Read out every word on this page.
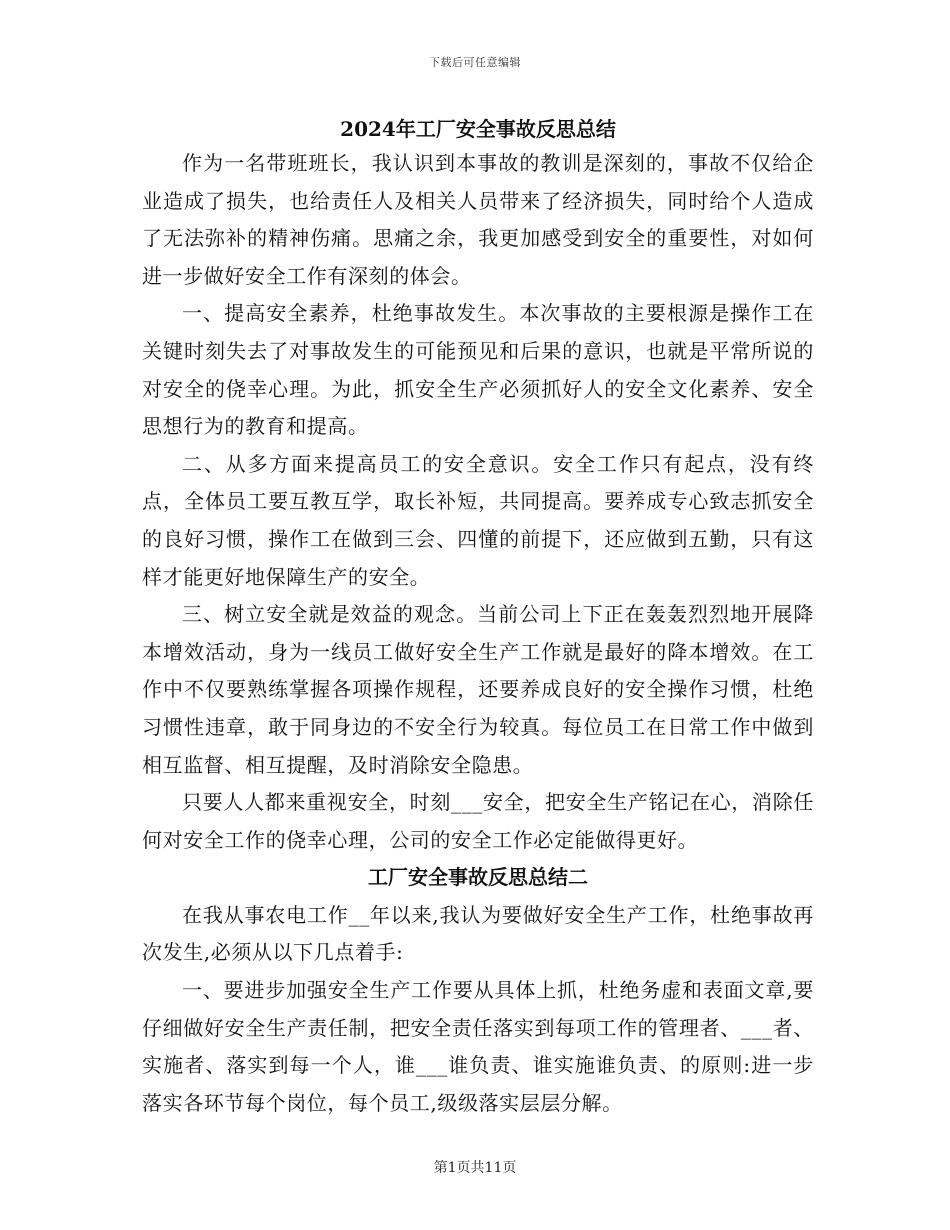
下载后可任意编辑
2024年工厂安全事故反思总结

作为一名带班班长，我认识到本事故的教训是深刻的，事故不仅给企业造成了损失，也给责任人及相关人员带来了经济损失，同时给个人造成了无法弥补的精神伤痛。思痛之余，我更加感受到安全的重要性，对如何进一步做好安全工作有深刻的体会。

一、提高安全素养，杜绝事故发生。本次事故的主要根源是操作工在关键时刻失去了对事故发生的可能预见和后果的意识，也就是平常所说的对安全的侥幸心理。为此，抓安全生产必须抓好人的安全文化素养、安全思想行为的教育和提高。

二、从多方面来提高员工的安全意识。安全工作只有起点，没有终点，全体员工要互教互学，取长补短，共同提高。要养成专心致志抓安全的良好习惯，操作工在做到三会、四懂的前提下，还应做到五勤，只有这样才能更好地保障生产的安全。

三、树立安全就是效益的观念。当前公司上下正在轰轰烈烈地开展降本增效活动，身为一线员工做好安全生产工作就是最好的降本增效。在工作中不仅要熟练掌握各项操作规程，还要养成良好的安全操作习惯，杜绝习惯性违章，敢于同身边的不安全行为较真。每位员工在日常工作中做到相互监督、相互提醒，及时消除安全隐患。

只要人人都来重视安全，时刻___安全，把安全生产铭记在心，消除任何对安全工作的侥幸心理，公司的安全工作必定能做得更好。

工厂安全事故反思总结二

在我从事农电工作__年以来,我认为要做好安全生产工作，杜绝事故再次发生,必须从以下几点着手:

一、要进步加强安全生产工作要从具体上抓，杜绝务虚和表面文章,要仔细做好安全生产责任制，把安全责任落实到每项工作的管理者、___者、实施者、落实到每一个人，谁___谁负责、谁实施谁负责、的原则:进一步落实各环节每个岗位，每个员工,级级落实层层分解。

第1页共11页
